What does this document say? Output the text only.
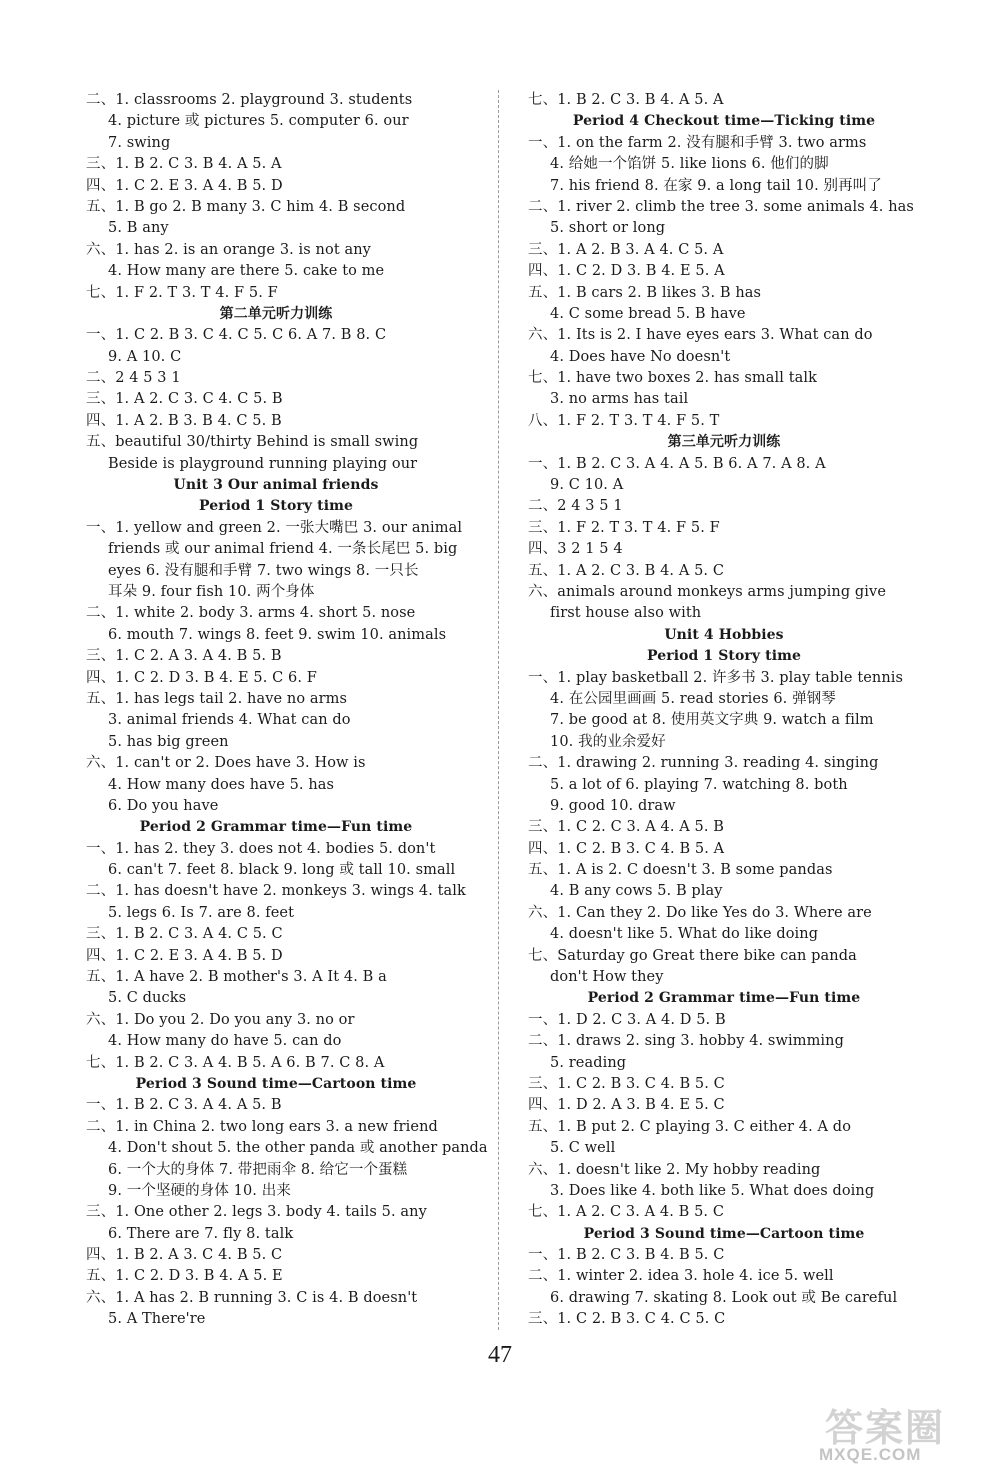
二、1. classrooms 2. playground 3. students
4. picture 或 pictures 5. computer 6. our
7. swing
三、1. B 2. C 3. B 4. A 5. A
四、1. C 2. E 3. A 4. B 5. D
五、1. B go 2. B many 3. C him 4. B second
5. B any
六、1. has 2. is an orange 3. is not any
4. How many are there 5. cake to me
七、1. F 2. T 3. T 4. F 5. F
第二单元听力训练
一、1. C 2. B 3. C 4. C 5. C 6. A 7. B 8. C
9. A 10. C
二、2 4 5 3 1
三、1. A 2. C 3. C 4. C 5. B
四、1. A 2. B 3. B 4. C 5. B
五、beautiful 30/thirty Behind is small swing
Beside is playground running playing our
Unit 3 Our animal friends
Period 1 Story time
一、1. yellow and green 2. 一张大嘴巴 3. our animal
friends 或 our animal friend 4. 一条长尾巴 5. big
eyes 6. 没有腿和手臂 7. two wings 8. 一只长
耳朵 9. four fish 10. 两个身体
二、1. white 2. body 3. arms 4. short 5. nose
6. mouth 7. wings 8. feet 9. swim 10. animals
三、1. C 2. A 3. A 4. B 5. B
四、1. C 2. D 3. B 4. E 5. C 6. F
五、1. has legs tail 2. have no arms
3. animal friends 4. What can do
5. has big green
六、1. can't or 2. Does have 3. How is
4. How many does have 5. has
6. Do you have
Period 2 Grammar time—Fun time
一、1. has 2. they 3. does not 4. bodies 5. don't
6. can't 7. feet 8. black 9. long 或 tall 10. small
二、1. has doesn't have 2. monkeys 3. wings 4. talk
5. legs 6. Is 7. are 8. feet
三、1. B 2. C 3. A 4. C 5. C
四、1. C 2. E 3. A 4. B 5. D
五、1. A have 2. B mother's 3. A It 4. B a
5. C ducks
六、1. Do you 2. Do you any 3. no or
4. How many do have 5. can do
七、1. B 2. C 3. A 4. B 5. A 6. B 7. C 8. A
Period 3 Sound time—Cartoon time
一、1. B 2. C 3. A 4. A 5. B
二、1. in China 2. two long ears 3. a new friend
4. Don't shout 5. the other panda 或 another panda
6. 一个大的身体 7. 带把雨伞 8. 给它一个蛋糕
9. 一个坚硬的身体 10. 出来
三、1. One other 2. legs 3. body 4. tails 5. any
6. There are 7. fly 8. talk
四、1. B 2. A 3. C 4. B 5. C
五、1. C 2. D 3. B 4. A 5. E
六、1. A has 2. B running 3. C is 4. B doesn't
5. A There're
七、1. B 2. C 3. B 4. A 5. A
Period 4 Checkout time—Ticking time
一、1. on the farm 2. 没有腿和手臂 3. two arms
4. 给她一个馅饼 5. like lions 6. 他们的脚
7. his friend 8. 在家 9. a long tail 10. 别再叫了
二、1. river 2. climb the tree 3. some animals 4. has
5. short or long
三、1. A 2. B 3. A 4. C 5. A
四、1. C 2. D 3. B 4. E 5. A
五、1. B cars 2. B likes 3. B has
4. C some bread 5. B have
六、1. Its is 2. I have eyes ears 3. What can do
4. Does have No doesn't
七、1. have two boxes 2. has small talk
3. no arms has tail
八、1. F 2. T 3. T 4. F 5. T
第三单元听力训练
一、1. B 2. C 3. A 4. A 5. B 6. A 7. A 8. A
9. C 10. A
二、2 4 3 5 1
三、1. F 2. T 3. T 4. F 5. F
四、3 2 1 5 4
五、1. A 2. C 3. B 4. A 5. C
六、animals around monkeys arms jumping give
first house also with
Unit 4 Hobbies
Period 1 Story time
一、1. play basketball 2. 许多书 3. play table tennis
4. 在公园里画画 5. read stories 6. 弹钢琴
7. be good at 8. 使用英文字典 9. watch a film
10. 我的业余爱好
二、1. drawing 2. running 3. reading 4. singing
5. a lot of 6. playing 7. watching 8. both
9. good 10. draw
三、1. C 2. C 3. A 4. A 5. B
四、1. C 2. B 3. C 4. B 5. A
五、1. A is 2. C doesn't 3. B some pandas
4. B any cows 5. B play
六、1. Can they 2. Do like Yes do 3. Where are
4. doesn't like 5. What do like doing
七、Saturday go Great there bike can panda
don't How they
Period 2 Grammar time—Fun time
一、1. D 2. C 3. A 4. D 5. B
二、1. draws 2. sing 3. hobby 4. swimming
5. reading
三、1. C 2. B 3. C 4. B 5. C
四、1. D 2. A 3. B 4. E 5. C
五、1. B put 2. C playing 3. C either 4. A do
5. C well
六、1. doesn't like 2. My hobby reading
3. Does like 4. both like 5. What does doing
七、1. A 2. C 3. A 4. B 5. C
Period 3 Sound time—Cartoon time
一、1. B 2. C 3. B 4. B 5. C
二、1. winter 2. idea 3. hole 4. ice 5. well
6. drawing 7. skating 8. Look out 或 Be careful
三、1. C 2. B 3. C 4. C 5. C
47
答案圈
MXQE.COM
